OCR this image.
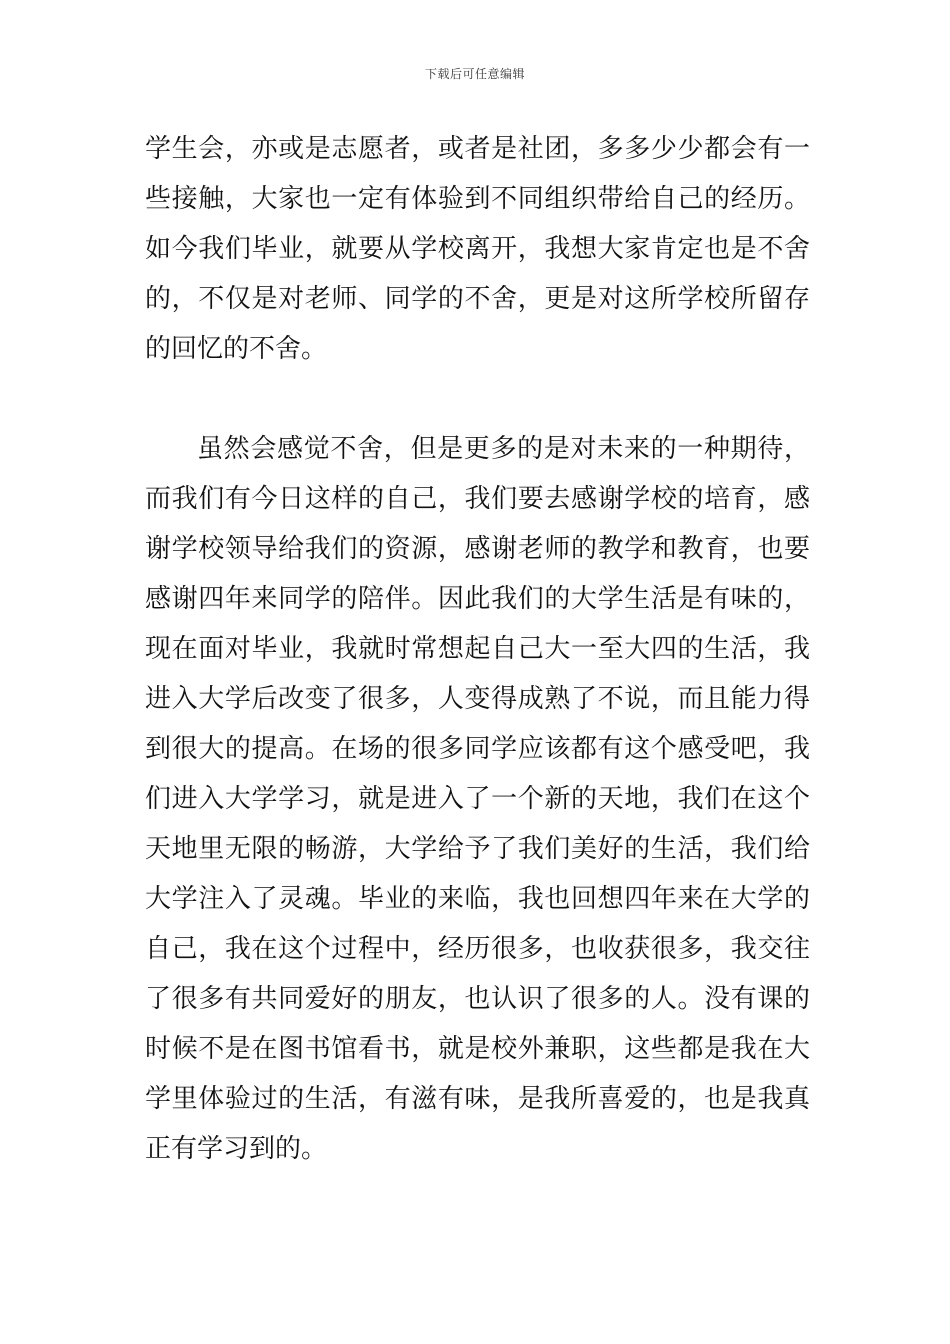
下载后可任意编辑

学生会，亦或是志愿者，或者是社团，多多少少都会有一些接触，大家也一定有体验到不同组织带给自己的经历。如今我们毕业，就要从学校离开，我想大家肯定也是不舍的，不仅是对老师、同学的不舍，更是对这所学校所留存的回忆的不舍。

虽然会感觉不舍，但是更多的是对未来的一种期待，而我们有今日这样的自己，我们要去感谢学校的培育，感谢学校领导给我们的资源，感谢老师的教学和教育，也要感谢四年来同学的陪伴。因此我们的大学生活是有味的，现在面对毕业，我就时常想起自己大一至大四的生活，我进入大学后改变了很多，人变得成熟了不说，而且能力得到很大的提高。在场的很多同学应该都有这个感受吧，我们进入大学学习，就是进入了一个新的天地，我们在这个天地里无限的畅游，大学给予了我们美好的生活，我们给大学注入了灵魂。毕业的来临，我也回想四年来在大学的自己，我在这个过程中，经历很多，也收获很多，我交往了很多有共同爱好的朋友，也认识了很多的人。没有课的时候不是在图书馆看书，就是校外兼职，这些都是我在大学里体验过的生活，有滋有味，是我所喜爱的，也是我真正有学习到的。
